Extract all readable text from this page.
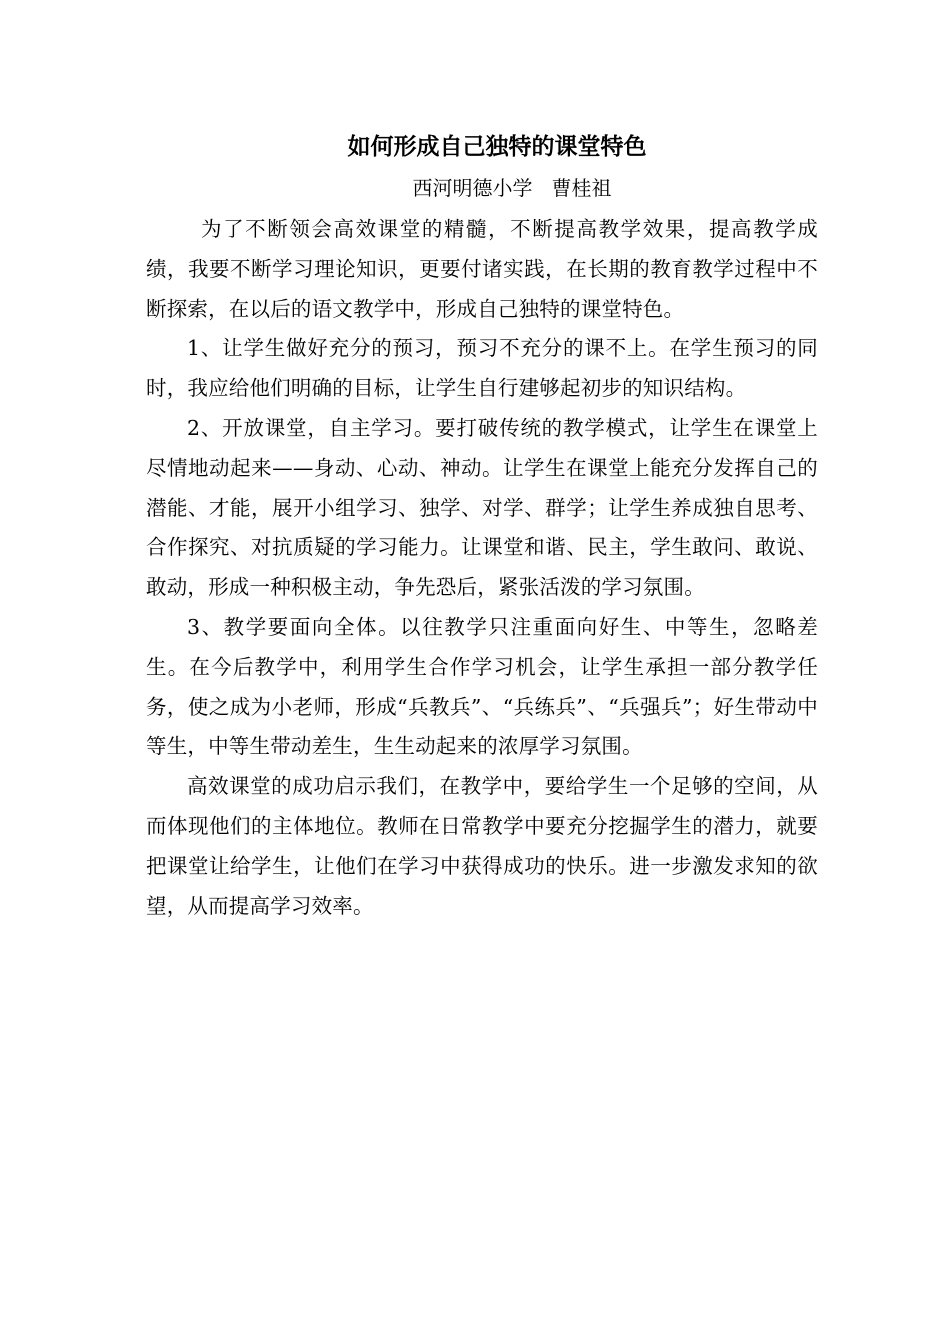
如何形成自己独特的课堂特色

西河明德小学   曹桂祖

为了不断领会高效课堂的精髓，不断提高教学效果，提高教学成绩，我要不断学习理论知识，更要付诸实践，在长期的教育教学过程中不断探索，在以后的语文教学中，形成自己独特的课堂特色。

1、让学生做好充分的预习，预习不充分的课不上。在学生预习的同时，我应给他们明确的目标，让学生自行建够起初步的知识结构。

2、开放课堂，自主学习。要打破传统的教学模式，让学生在课堂上尽情地动起来——身动、心动、神动。让学生在课堂上能充分发挥自己的潜能、才能，展开小组学习、独学、对学、群学；让学生养成独自思考、合作探究、对抗质疑的学习能力。让课堂和谐、民主，学生敢问、敢说、敢动，形成一种积极主动，争先恐后，紧张活泼的学习氛围。

3、教学要面向全体。以往教学只注重面向好生、中等生，忽略差生。在今后教学中，利用学生合作学习机会，让学生承担一部分教学任务，使之成为小老师，形成“兵教兵”、“兵练兵”、“兵强兵”；好生带动中等生，中等生带动差生，生生动起来的浓厚学习氛围。

高效课堂的成功启示我们，在教学中，要给学生一个足够的空间，从而体现他们的主体地位。教师在日常教学中要充分挖掘学生的潜力，就要把课堂让给学生，让他们在学习中获得成功的快乐。进一步激发求知的欲望，从而提高学习效率。
